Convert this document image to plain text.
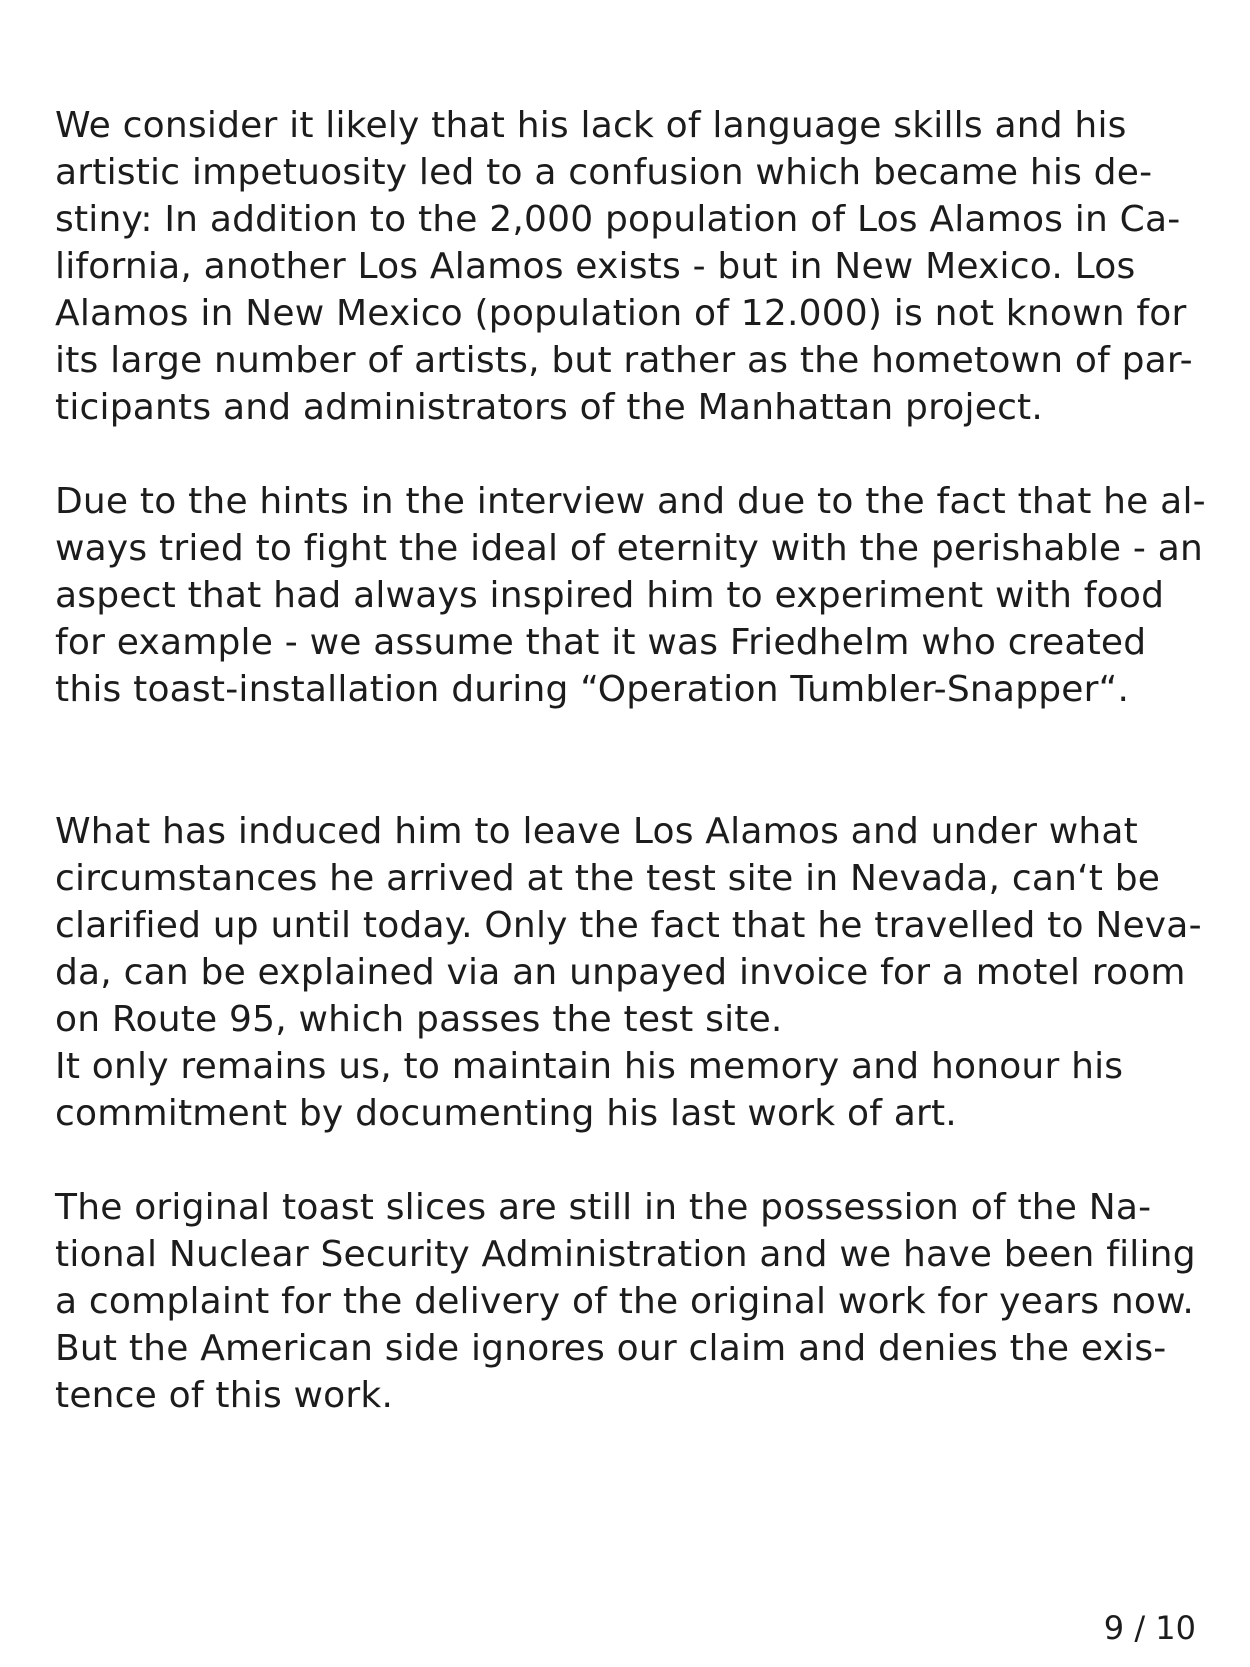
We consider it likely that his lack of language skills and his
artistic impetuosity led to a confusion which became his de-
stiny: In addition to the 2,000 population of Los Alamos in Ca-
lifornia, another Los Alamos exists - but in New Mexico. Los
Alamos in New Mexico (population of 12.000) is not known for
its large number of artists, but rather as the hometown of par-
ticipants and administrators of the Manhattan project.
Due to the hints in the interview and due to the fact that he al-
ways tried to fight the ideal of eternity with the perishable - an
aspect that had always inspired him to experiment with food
for example - we assume that it was Friedhelm who created
this toast-installation during “Operation Tumbler-Snapper“.
What has induced him to leave Los Alamos and under what
circumstances he arrived at the test site in Nevada, can‘t be
clarified up until today. Only the fact that he travelled to Neva-
da, can be explained via an unpayed invoice for a motel room
on Route 95, which passes the test site.
It only remains us, to maintain his memory and honour his
commitment by documenting his last work of art.
The original toast slices are still in the possession of the Na-
tional Nuclear Security Administration and we have been filing
a complaint for the delivery of the original work for years now.
But the American side ignores our claim and denies the exis-
tence of this work.
9 / 10
